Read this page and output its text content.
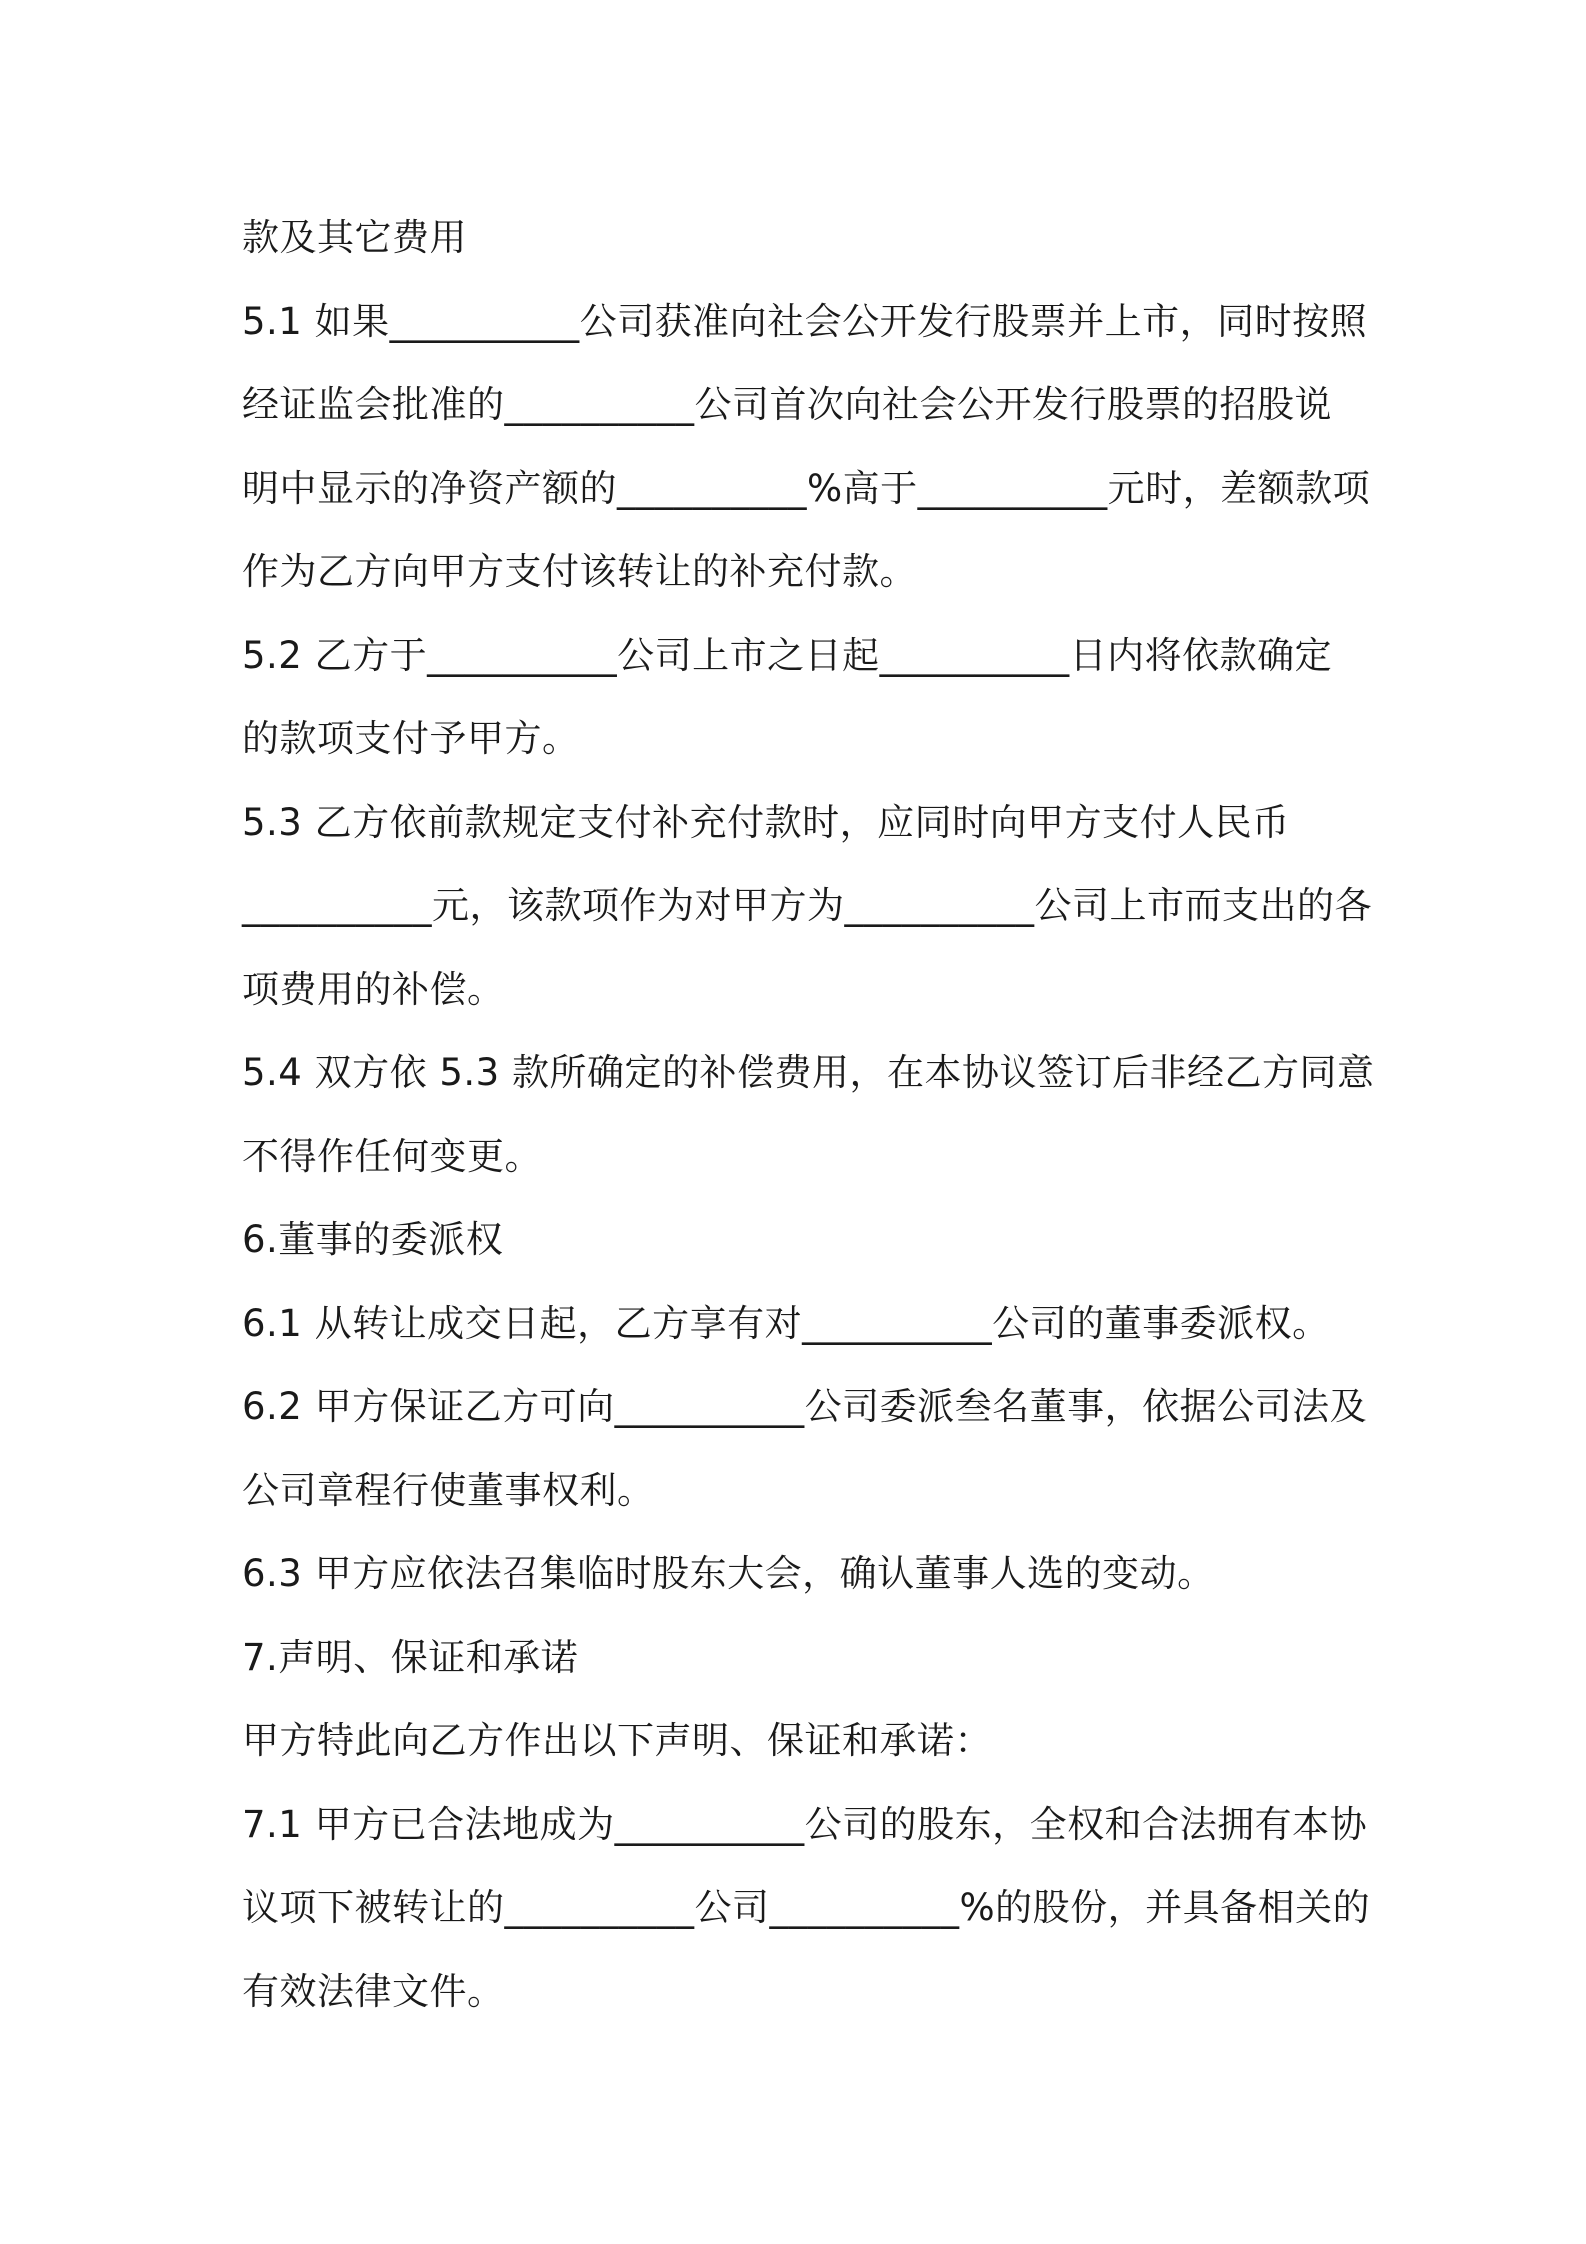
款及其它费用
5.1 如果__________公司获准向社会公开发行股票并上市，同时按照
经证监会批准的__________公司首次向社会公开发行股票的招股说
明中显示的净资产额的__________%高于__________元时，差额款项
作为乙方向甲方支付该转让的补充付款。
5.2 乙方于__________公司上市之日起__________日内将依款确定
的款项支付予甲方。
5.3 乙方依前款规定支付补充付款时，应同时向甲方支付人民币
__________元，该款项作为对甲方为__________公司上市而支出的各
项费用的补偿。
5.4 双方依 5.3 款所确定的补偿费用，在本协议签订后非经乙方同意
不得作任何变更。
6.董事的委派权
6.1 从转让成交日起，乙方享有对__________公司的董事委派权。
6.2 甲方保证乙方可向__________公司委派叁名董事，依据公司法及
公司章程行使董事权利。
6.3 甲方应依法召集临时股东大会，确认董事人选的变动。
7.声明、保证和承诺
甲方特此向乙方作出以下声明、保证和承诺：
7.1 甲方已合法地成为__________公司的股东，全权和合法拥有本协
议项下被转让的__________公司__________%的股份，并具备相关的
有效法律文件。
